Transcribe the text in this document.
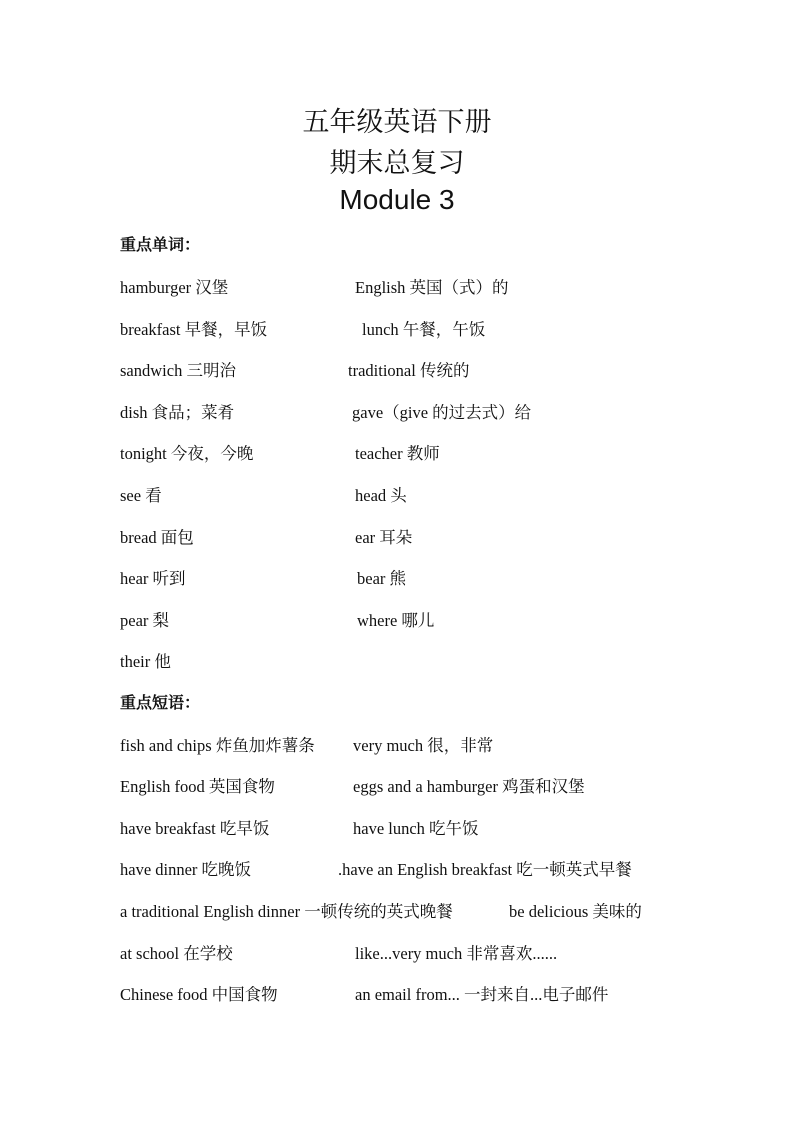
五年级英语下册
期末总复习
Module 3
重点单词：
hamburger 汉堡	English 英国（式）的
breakfast 早餐，早饭	lunch 午餐，午饭
sandwich 三明治	traditional 传统的
dish 食品；菜肴	gave（give 的过去式）给
tonight 今夜，今晚	teacher 教师
see 看	head 头
bread 面包	ear 耳朵
hear 听到	bear 熊
pear 梨	where 哪儿
their 他
重点短语：
fish and chips 炸鱼加炸薯条 very much 很，非常
English food 英国食物	eggs and a hamburger 鸡蛋和汉堡
have breakfast 吃早饭	have lunch 吃午饭
have dinner 吃晚饭	.have an English breakfast 吃一顿英式早餐
a traditional English dinner 一顿传统的英式晚餐	be delicious 美味的
at school 在学校	like...very much 非常喜欢......
Chinese food 中国食物	an email from... 一封来自...电子邮件
